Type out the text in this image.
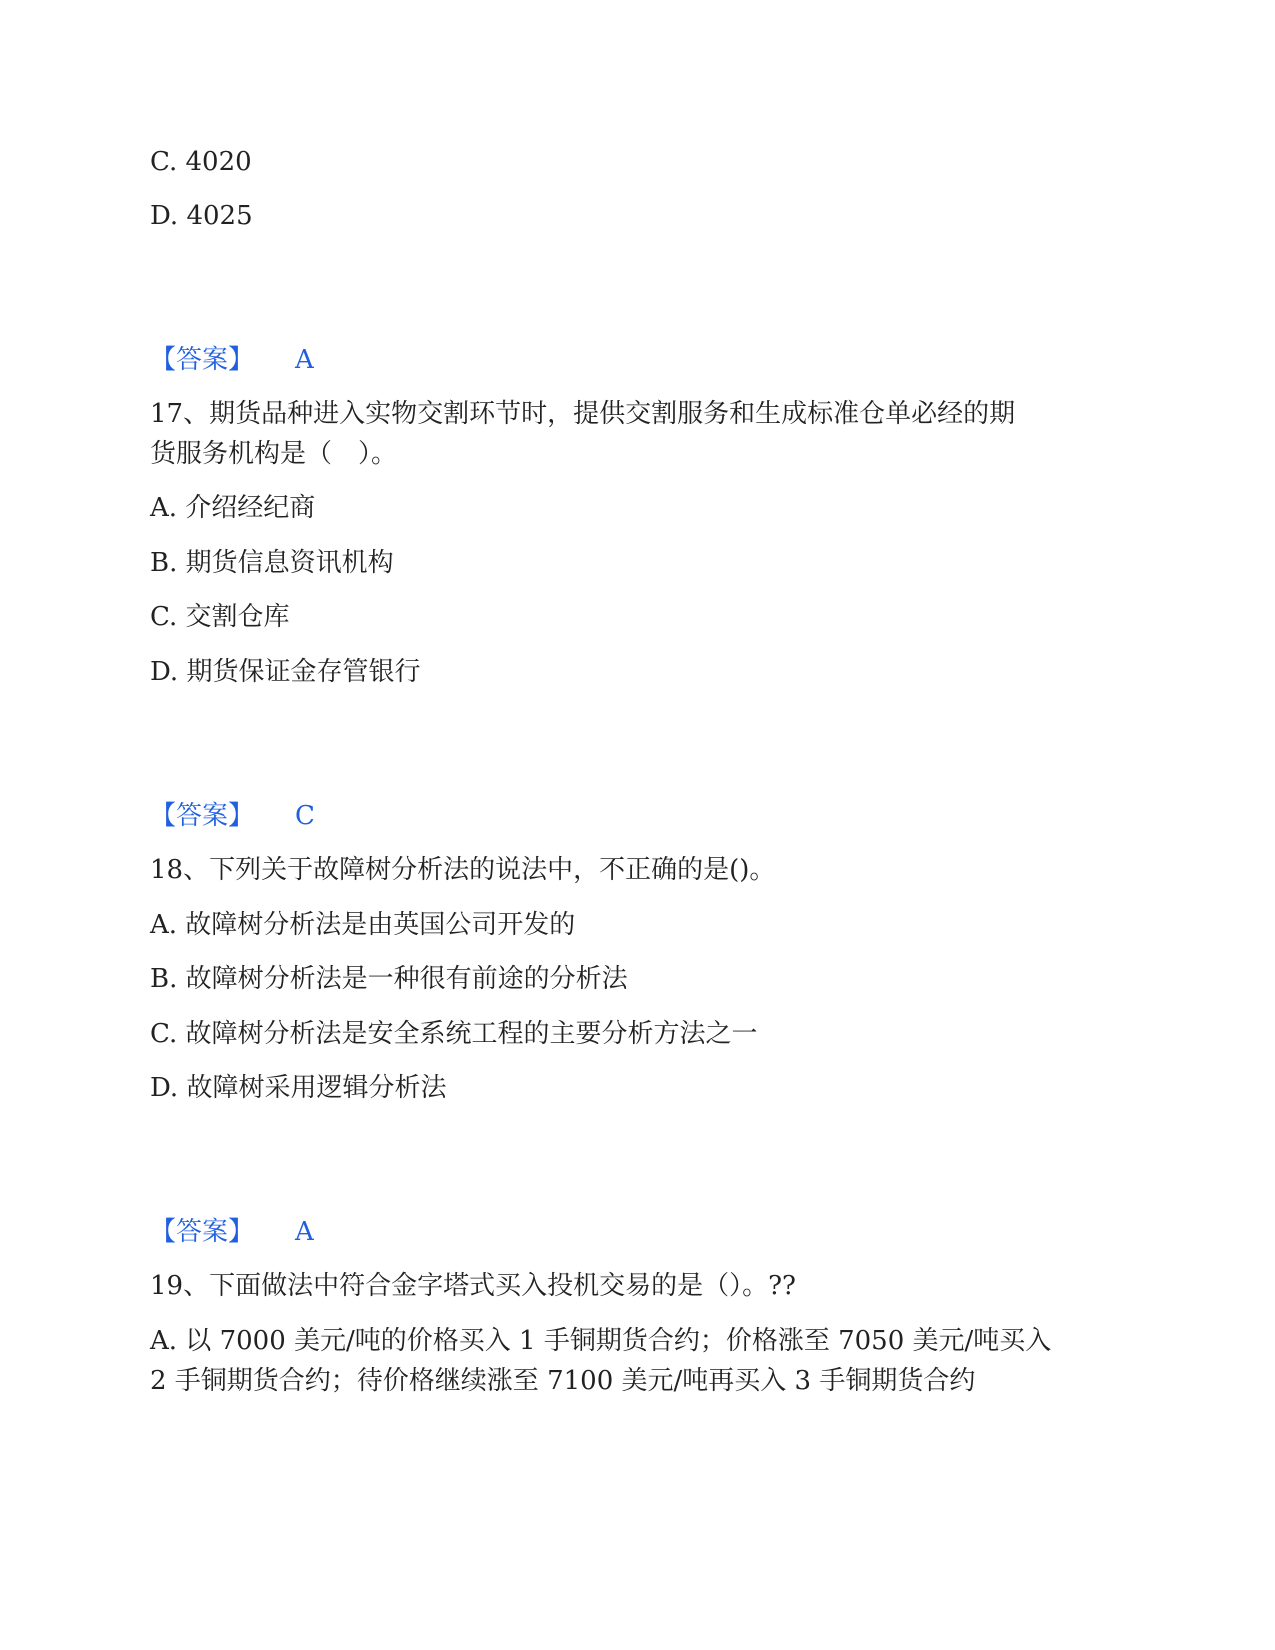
C. 4020
D. 4025
【答案】 A
17、期货品种进入实物交割环节时，提供交割服务和生成标准仓单必经的期
货服务机构是（　）。
A. 介绍经纪商
B. 期货信息资讯机构
C. 交割仓库
D. 期货保证金存管银行
【答案】 C
18、下列关于故障树分析法的说法中，不正确的是()。
A. 故障树分析法是由英国公司开发的
B. 故障树分析法是一种很有前途的分析法
C. 故障树分析法是安全系统工程的主要分析方法之一
D. 故障树采用逻辑分析法
【答案】 A
19、下面做法中符合金字塔式买入投机交易的是（）。??
A. 以 7000 美元/吨的价格买入 1 手铜期货合约；价格涨至 7050 美元/吨买入
2 手铜期货合约；待价格继续涨至 7100 美元/吨再买入 3 手铜期货合约
